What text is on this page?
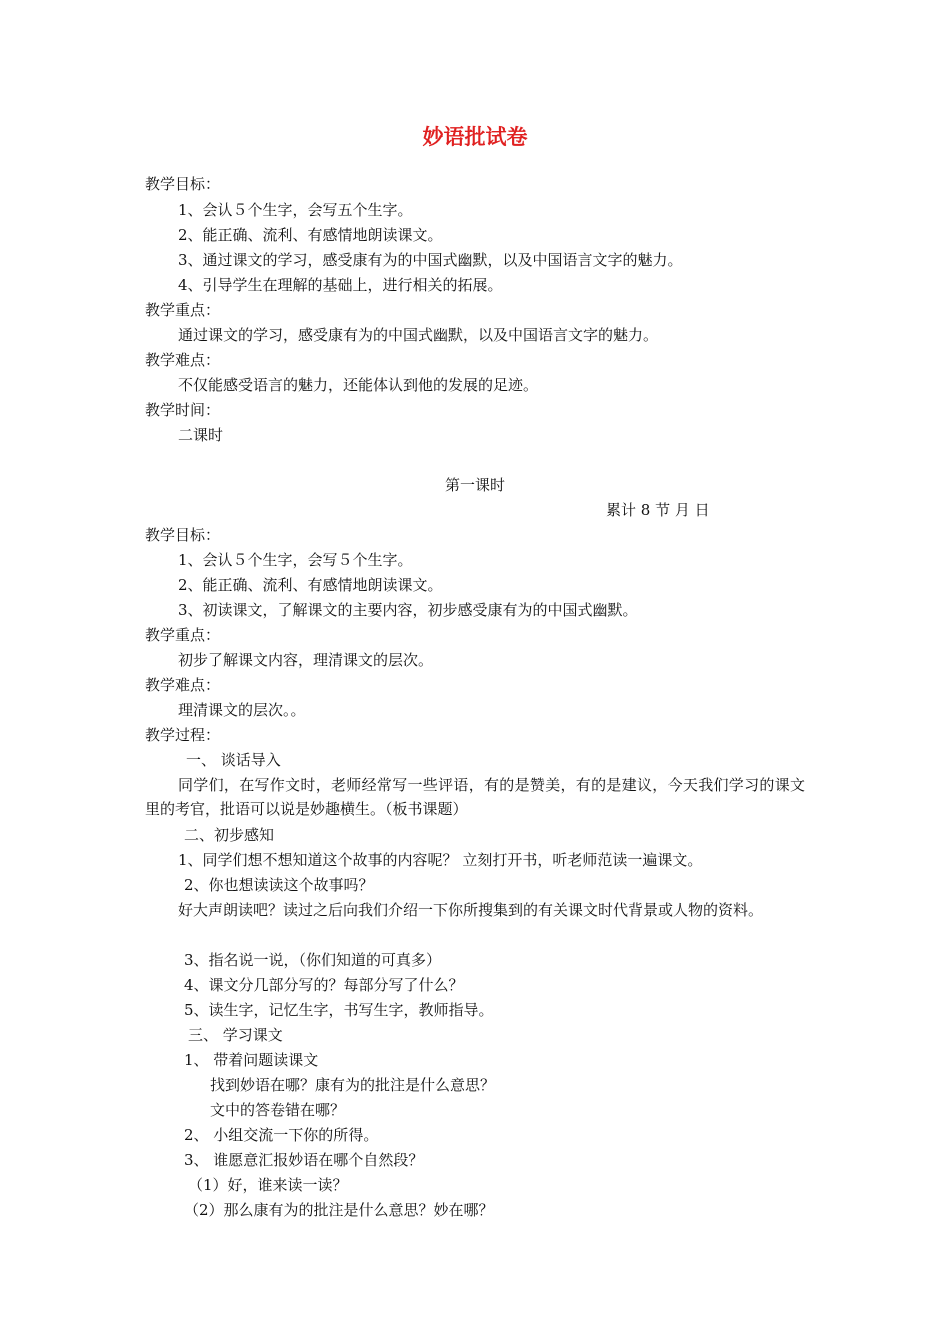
妙语批试卷
教学目标：
1、会认５个生字，会写五个生字。
2、能正确、流利、有感情地朗读课文。
3、通过课文的学习，感受康有为的中国式幽默，以及中国语言文字的魅力。
4、引导学生在理解的基础上，进行相关的拓展。
教学重点：
通过课文的学习，感受康有为的中国式幽默，以及中国语言文字的魅力。
教学难点：
不仅能感受语言的魅力，还能体认到他的发展的足迹。
教学时间：
二课时
第一课时
累计 8 节 月 日
教学目标：
1、会认５个生字，会写５个生字。
2、能正确、流利、有感情地朗读课文。
3、初读课文，了解课文的主要内容，初步感受康有为的中国式幽默。
教学重点：
初步了解课文内容，理清课文的层次。
教学难点：
理清课文的层次。。
教学过程：
一、 谈话导入
同学们，在写作文时，老师经常写一些评语，有的是赞美，有的是建议，今天我们学习的课文里的考官，批语可以说是妙趣横生。（板书课题）
二、初步感知
1、同学们想不想知道这个故事的内容呢？ 立刻打开书，听老师范读一遍课文。
2、你也想读读这个故事吗？
好大声朗读吧？读过之后向我们介绍一下你所搜集到的有关课文时代背景或人物的资料。
3、指名说一说，（你们知道的可真多）
4、课文分几部分写的？每部分写了什么？
5、读生字，记忆生字，书写生字，教师指导。
三、 学习课文
1、 带着问题读课文
找到妙语在哪？康有为的批注是什么意思？
文中的答卷错在哪？
2、 小组交流一下你的所得。
3、 谁愿意汇报妙语在哪个自然段？
（1）好，谁来读一读？
（2）那么康有为的批注是什么意思？妙在哪？
